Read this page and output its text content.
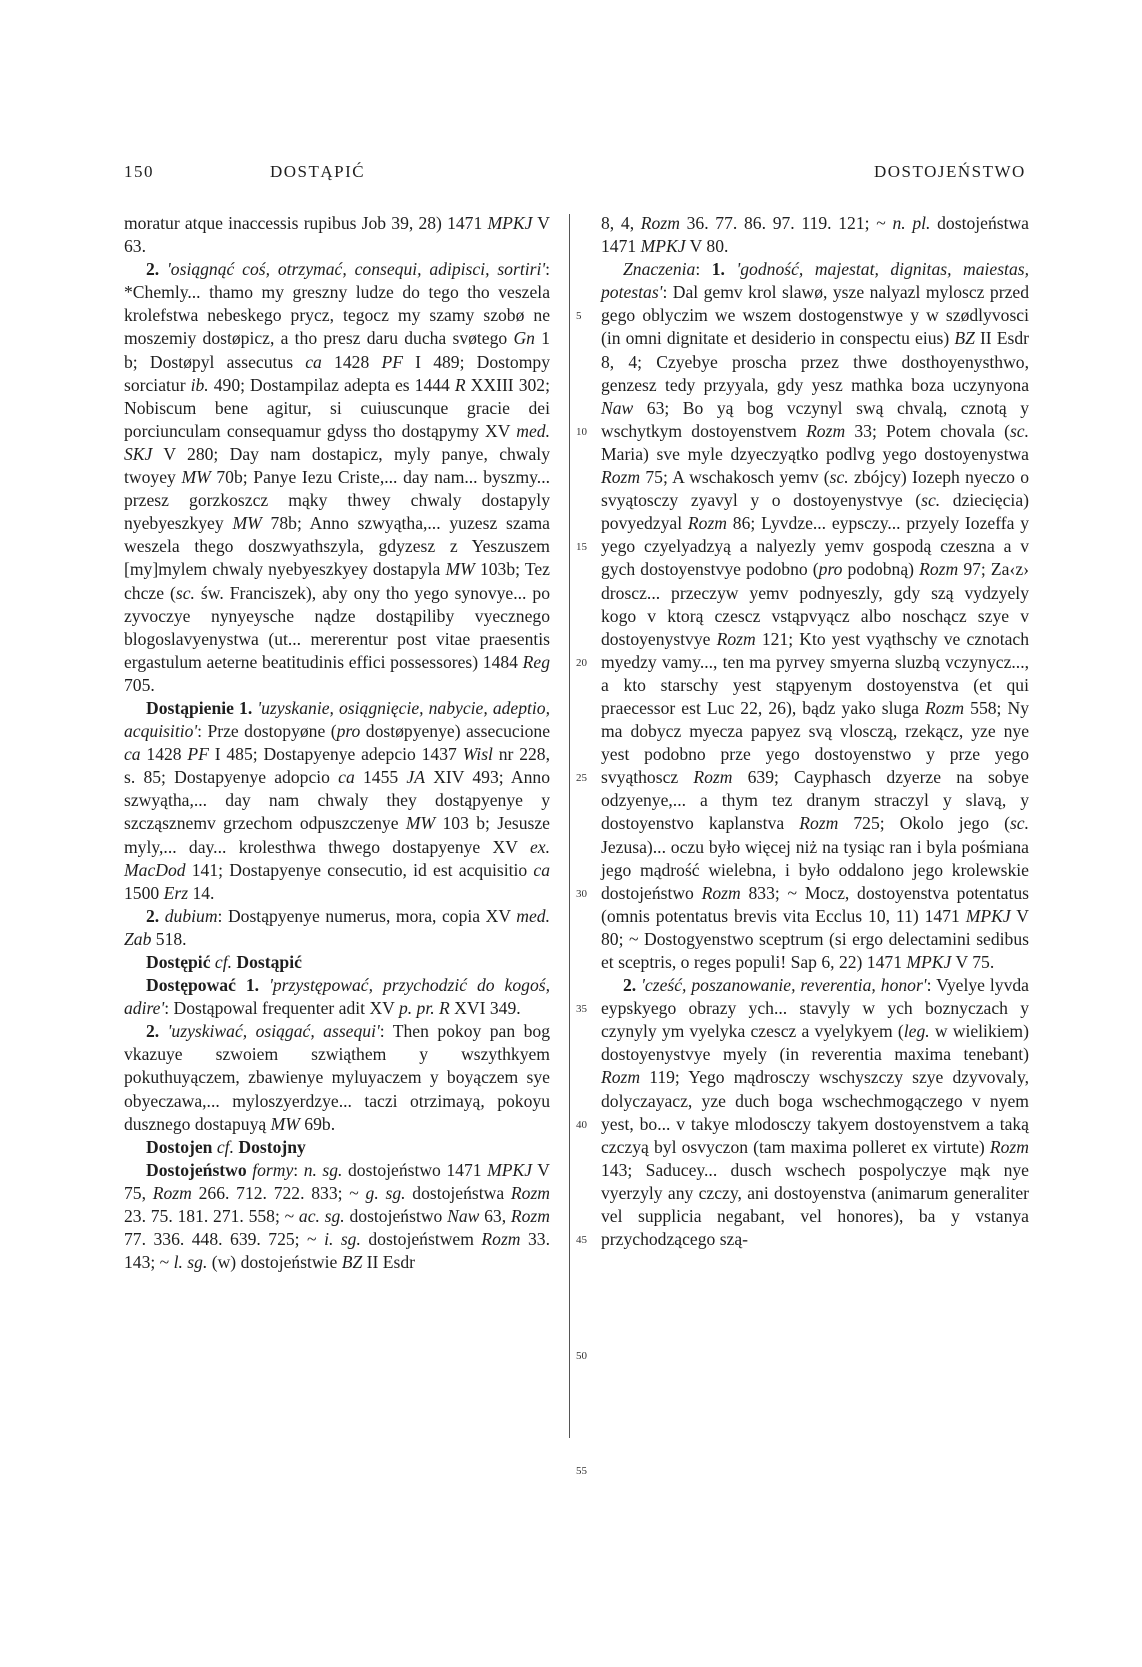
150	DOSTĄPIĆ	DOSTOJEŃSTWO

moratur atque inaccessis rupibus Job 39, 28) 1471 MPKJ V 63.

2. 'osiągnąć coś, otrzymać, consequi, adipisci, sortiri': *Chemly... thamo my greszny ludze do tego tho veszela krolefstwa nebeskego prycz, tegocz my szamy szobø ne moszemiy dostøpicz, a tho presz daru ducha svøtego Gn 1 b; Dostøpyl assecutus ca 1428 PF I 489; Dostompy sorciatur ib. 490; Dostampilaz adepta es 1444 R XXIII 302; Nobiscum bene agitur, si cuiuscunque gracie dei porciunculam consequamur gdyss tho dostąpymy XV med. SKJ V 280; Day nam dostapicz, myly panye, chwaly twoyey MW 70b; Panye Iezu Criste,... day nam... byszmy... przesz gorzkoszcz mąky thwey chwaly dostapyly nyebyeszkyey MW 78b; Anno szwyątha,... yuzesz szama weszela thego doszwyathszyla, gdyzesz z Yeszuszem [my]mylem chwaly nyebyeszkyey dostapyla MW 103b; Tez chcze (sc. św. Franciszek), aby ony tho yego synovye... po zyvoczye nynyeysche nądze dostąpiliby vyecznego blogoslavyenystwa (ut... mererentur post vitae praesentis ergastulum aeterne beatitudinis effici possessores) 1484 Reg 705.

Dostąpienie 1. 'uzyskanie, osiągnięcie, nabycie, adeptio, acquisitio': Prze dostopyøne (pro dostøpyenye) assecucione ca 1428 PF I 485; Dostapyenye adepcio 1437 Wisl nr 228, s. 85; Dostapyenye adopcio ca 1455 JA XIV 493; Anno szwyątha,... day nam chwaly they dostąpyenye y szcząsznemv grzechom odpuszczenye MW 103 b; Jesusze myly,... day... krolesthwa thwego dostapyenye XV ex. MacDod 141; Dostapyenye consecutio, id est acquisitio ca 1500 Erz 14.

2. dubium: Dostąpyenye numerus, mora, copia XV med. Zab 518.

Dostępić cf. Dostąpić

Dostępować 1. 'przystępować, przychodzić do kogoś, adire': Dostąpowal frequenter adit XV p. pr. R XVI 349.

2. 'uzyskiwać, osiągać, assequi': Then pokoy pan bog vkazuye szwoiem szwiąthem y wszythkyem pokuthuyączem, zbawienye myluyaczem y boyączem sye obyeczawa,... myloszyerdzye... taczi otrzimayą, pokoyu dusznego dostapuyą MW 69b.

Dostojen cf. Dostojny

Dostojeństwo formy: n. sg. dostojeństwo 1471 MPKJ V 75, Rozm 266. 712. 722. 833; ~ g. sg. dostojeństwa Rozm 23. 75. 181. 271. 558; ~ ac. sg. dostojeństwo Naw 63, Rozm 77. 336. 448. 639. 725; ~ i. sg. dostojeństwem Rozm 33. 143; ~ l. sg. (w) dostojeństwie BZ II Esdr

5
10
15
20
25
30
35
40
45
50
55

8, 4, Rozm 36. 77. 86. 97. 119. 121; ~ n. pl. dostojeństwa 1471 MPKJ V 80.

Znaczenia: 1. 'godność, majestat, dignitas, maiestas, potestas': Dal gemv krol slawø, ysze nalyazl myloscz przed gego oblyczim we wszem dostogenstwye y w szødlyvosci (in omni dignitate et desiderio in conspectu eius) BZ II Esdr 8, 4; Czyebye proscha przez thwe dosthoyenysthwo, genzesz tedy przyyala, gdy yesz mathka boza uczynyona Naw 63; Bo yą bog vczynyl swą chvalą, cznotą y wschytkym dostoyenstvem Rozm 33; Potem chovala (sc. Maria) sve myle dzyeczyątko podlvg yego dostoyenystwa Rozm 75; A wschakosch yemv (sc. zbójcy) Iozeph nyeczo o svyątosczy zyavyl y o dostoyenystvye (sc. dziecięcia) povyedzyal Rozm 86; Lyvdze... eypsczy... przyely Iozeffa y yego czyelyadzyą a nalyezly yemv gospodą czeszna a v gych dostoyenstvye podobno (pro podobną) Rozm 97; Za‹z› droscz... przeczyw yemv podnyeszly, gdy szą vydzyely kogo v ktorą czescz vstąpvyącz albo noschącz szye v dostoyenystvye Rozm 121; Kto yest vyąthschy ve cznotach myedzy vamy..., ten ma pyrvey smyerna sluzbą vczynycz..., a kto starschy yest stąpyenym dostoyenstva (et qui praecessor est Luc 22, 26), bądz yako sluga Rozm 558; Ny ma dobycz myecza papyez svą vlosczą, rzekącz, yze nye yest podobno prze yego dostoyenstwo y prze yego svyąthoscz Rozm 639; Cayphasch dzyerze na sobye odzyenye,... a thym tez dranym straczyl y slavą, y dostoyenstvo kaplanstva Rozm 725; Okolo jego (sc. Jezusa)... oczu było więcej niż na tysiąc ran i byla pośmiana jego mądrość wielebna, i było oddalono jego krolewskie dostojeństwo Rozm 833; ~ Mocz, dostoyenstva potentatus (omnis potentatus brevis vita Ecclus 10, 11) 1471 MPKJ V 80; ~ Dostogyenstwo sceptrum (si ergo delectamini sedibus et sceptris, o reges populi! Sap 6, 22) 1471 MPKJ V 75.

2. 'cześć, poszanowanie, reverentia, honor': Vyelye lyvda eypskyego obrazy ych... stavyly w ych boznyczach y czynyly ym vyelyka czescz a vyelykyem (leg. w wielikiem) dostoyenystvye myely (in reverentia maxima tenebant) Rozm 119; Yego mądrosczy wschyszczy szye dzyvovaly, dolyczayacz, yze duch boga wschechmogączego v nyem yest, bo... v takye mlodosczy takyem dostoyenstvem a taką czczyą byl osvyczon (tam maxima polleret ex virtute) Rozm 143; Saducey... dusch wschech pospolyczye mąk nye vyerzyly any czczy, ani dostoyenstva (animarum generaliter vel supplicia negabant, vel honores), ba y vstanya przychodzącego szą-
